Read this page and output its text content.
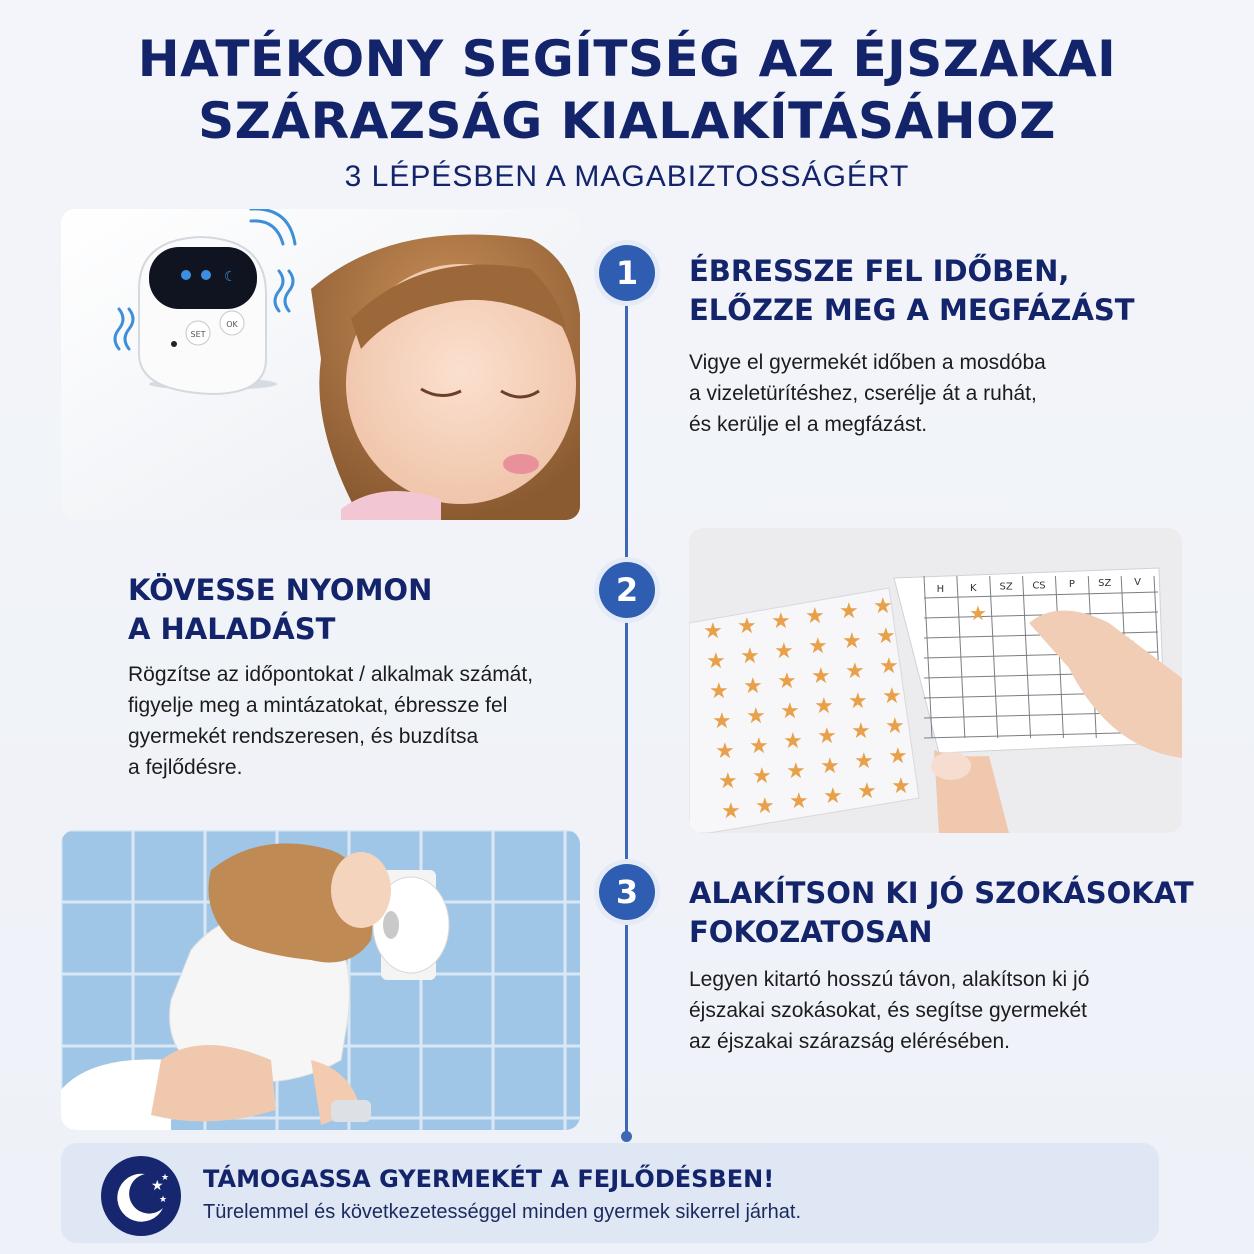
HATÉKONY SEGÍTSÉG AZ ÉJSZAKAI
SZÁRAZSÁG KIALAKÍTÁSÁHOZ
3 LÉPÉSBEN A MAGABIZTOSSÁGÉRT
☾
SET
OK
★ ★ ★ ★ ★ ★
★ ★ ★ ★ ★ ★
★ ★ ★ ★ ★ ★
★ ★ ★ ★ ★ ★
★ ★ ★ ★ ★ ★
★ ★ ★ ★ ★ ★
★ ★ ★ ★ ★ ★
H	K SZ CS P SZ V
★
1
2
3
ÉBRESSZE FEL IDŐBEN,
ELŐZZE MEG A MEGFÁZÁST

Vigye el gyermekét időben a mosdóba
a vizeletürítéshez, cserélje át a ruhát,
és kerülje el a megfázást.

KÖVESSE NYOMON
A HALADÁST

Rögzítse az időpontokat / alkalmak számát,
figyelje meg a mintázatokat, ébressze fel
gyermekét rendszeresen, és buzdítsa
a fejlődésre.

ALAKÍTSON KI JÓ SZOKÁSOKAT
FOKOZATOSAN

Legyen kitartó hosszú távon, alakítson ki jó
éjszakai szokásokat, és segítse gyermekét
az éjszakai szárazság elérésében.

★
★
★

TÁMOGASSA GYERMEKÉT A FEJLŐDÉSBEN!

Türelemmel és következetességgel minden gyermek sikerrel járhat.
